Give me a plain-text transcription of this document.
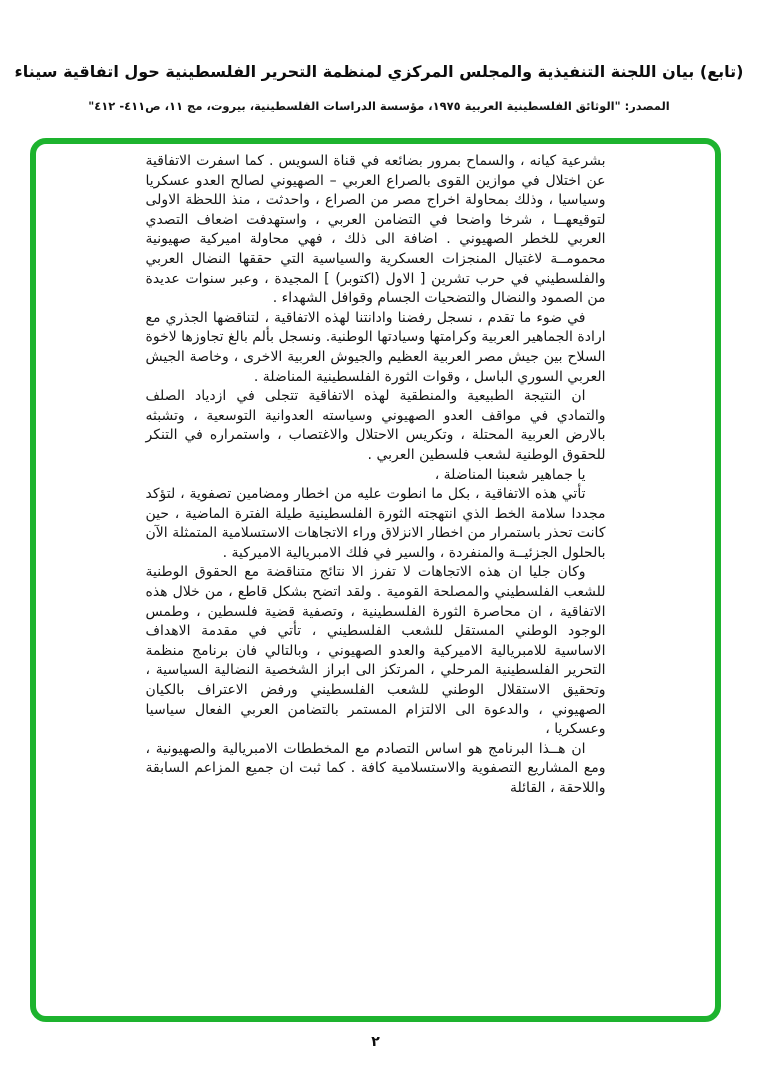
(تابع) بيان اللجنة التنفيذية والمجلس المركزي لمنظمة التحرير الفلسطينية حول اتفاقية سيناء
المصدر: "الوثائق الفلسطينية العربية ١٩٧٥، مؤسسة الدراسات الفلسطينية، بيروت، مج ١١، ص٤١١- ٤١٢"

بشرعية كيانه ، والسماح بمرور بضائعه في قناة السويس . كما اسفرت الاتفاقية عن اختلال في موازين القوى بالصراع العربي – الصهيوني لصالح العدو عسكريا وسياسيا ، وذلك بمحاولة اخراج مصر من الصراع ، واحدثت ، منذ اللحظة الاولى لتوقيعهــا ، شرخا واضحا في التضامن العربي ، واستهدفت اضعاف التصدي العربي للخطر الصهيوني . اضافة الى ذلك ، فهي محاولة اميركية صهيونية محمومــة لاغتيال المنجزات العسكرية والسياسية التي حققها النضال العربي والفلسطيني في حرب تشرين [ الاول (اكتوبر) ] المجيدة ، وعبر سنوات عديدة من الصمود والنضال والتضحيات الجسام وقوافل الشهداء .

في ضوء ما تقدم ، نسجل رفضنا وادانتنا لهذه الاتفاقية ، لتناقضها الجذري مع ارادة الجماهير العربية وكرامتها وسيادتها الوطنية. ونسجل بألم بالغ تجاوزها لاخوة السلاح بين جيش مصر العربية العظيم والجيوش العربية الاخرى ، وخاصة الجيش العربي السوري الباسل ، وقوات الثورة الفلسطينية المناضلة .

ان النتيجة الطبيعية والمنطقية لهذه الاتفاقية تتجلى في ازدياد الصلف والتمادي في مواقف العدو الصهيوني وسياسته العدوانية التوسعية ، وتشبثه بالارض العربية المحتلة ، وتكريس الاحتلال والاغتصاب ، واستمراره في التنكر للحقوق الوطنية لشعب فلسطين العربي .

يا جماهير شعبنا المناضلة ،

تأتي هذه الاتفاقية ، بكل ما انطوت عليه من اخطار ومضامين تصفوية ، لتؤكد مجددا سلامة الخط الذي انتهجته الثورة الفلسطينية طيلة الفترة الماضية ، حين كانت تحذر باستمرار من اخطار الانزلاق وراء الاتجاهات الاستسلامية المتمثلة الآن بالحلول الجزئيــة والمنفردة ، والسير في فلك الامبريالية الاميركية .

وكان جليا ان هذه الاتجاهات لا تفرز الا نتائج متناقضة مع الحقوق الوطنية للشعب الفلسطيني والمصلحة القومية . ولقد اتضح بشكل قاطع ، من خلال هذه الاتفاقية ، ان محاصرة الثورة الفلسطينية ، وتصفية قضية فلسطين ، وطمس الوجود الوطني المستقل للشعب الفلسطيني ، تأتي في مقدمة الاهداف الاساسية للامبريالية الاميركية والعدو الصهيوني ، وبالتالي فان برنامج منظمة التحرير الفلسطينية المرحلي ، المرتكز الى ابراز الشخصية النضالية السياسية ، وتحقيق الاستقلال الوطني للشعب الفلسطيني ورفض الاعتراف بالكيان الصهيوني ، والدعوة الى الالتزام المستمر بالتضامن العربي الفعال سياسيا وعسكريا ،

ان هــذا البرنامج هو اساس التصادم مع المخططات الامبريالية والصهيونية ، ومع المشاريع التصفوية والاستسلامية كافة . كما ثبت ان جميع المزاعم السابقة واللاحقة ، القائلة

٢
